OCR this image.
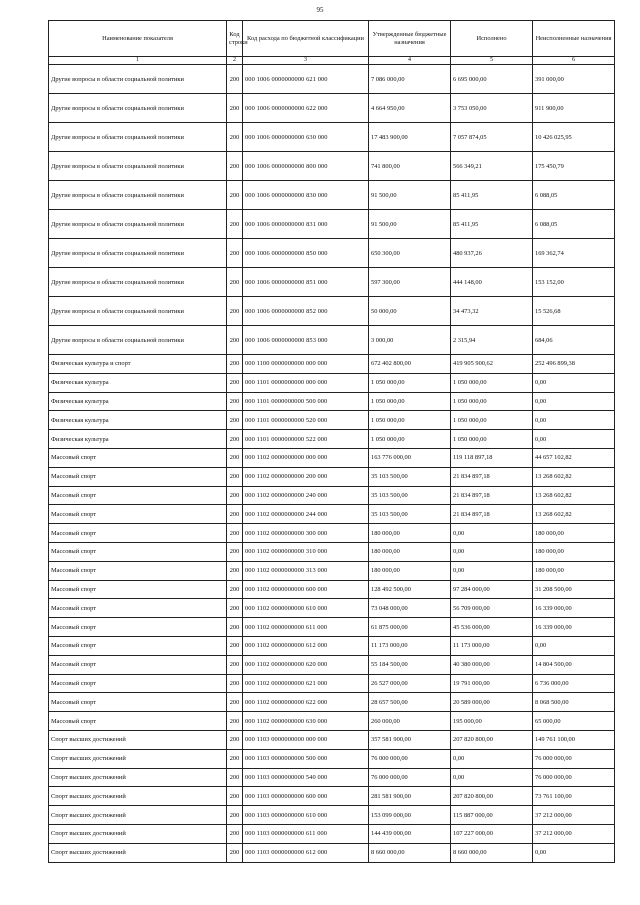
95
Наименование показателя	Код строки	Код расхода по бюджетной классификации	Утвержденные бюджетные назначения	Исполнено	Неисполненные назначения
1	2	3	4	5	6
Другие вопросы в области социальной политики	200	000 1006 0000000000 621 000	7 086 000,00	6 695 000,00	391 000,00
Другие вопросы в области социальной политики	200	000 1006 0000000000 622 000	4 664 950,00	3 753 050,00	911 900,00
Другие вопросы в области социальной политики	200	000 1006 0000000000 630 000	17 483 900,00	7 057 874,05	10 426 025,95
Другие вопросы в области социальной политики	200	000 1006 0000000000 800 000	741 800,00	566 349,21	175 450,79
Другие вопросы в области социальной политики	200	000 1006 0000000000 830 000	91 500,00	85 411,95	6 088,05
Другие вопросы в области социальной политики	200	000 1006 0000000000 831 000	91 500,00	85 411,95	6 088,05
Другие вопросы в области социальной политики	200	000 1006 0000000000 850 000	650 300,00	480 937,26	169 362,74
Другие вопросы в области социальной политики	200	000 1006 0000000000 851 000	597 300,00	444 148,00	153 152,00
Другие вопросы в области социальной политики	200	000 1006 0000000000 852 000	50 000,00	34 473,32	15 526,68
Другие вопросы в области социальной политики	200	000 1006 0000000000 853 000	3 000,00	2 315,94	684,06
Физическая культура и спорт	200	000 1100 0000000000 000 000	672 402 800,00	419 905 900,62	252 496 899,38
Физическая культура	200	000 1101 0000000000 000 000	1 050 000,00	1 050 000,00	0,00
Физическая культура	200	000 1101 0000000000 500 000	1 050 000,00	1 050 000,00	0,00
Физическая культура	200	000 1101 0000000000 520 000	1 050 000,00	1 050 000,00	0,00
Физическая культура	200	000 1101 0000000000 522 000	1 050 000,00	1 050 000,00	0,00
Массовый спорт	200	000 1102 0000000000 000 000	163 776 000,00	119 118 897,18	44 657 102,82
Массовый спорт	200	000 1102 0000000000 200 000	35 103 500,00	21 834 897,18	13 268 602,82
Массовый спорт	200	000 1102 0000000000 240 000	35 103 500,00	21 834 897,18	13 268 602,82
Массовый спорт	200	000 1102 0000000000 244 000	35 103 500,00	21 834 897,18	13 268 602,82
Массовый спорт	200	000 1102 0000000000 300 000	180 000,00	0,00	180 000,00
Массовый спорт	200	000 1102 0000000000 310 000	180 000,00	0,00	180 000,00
Массовый спорт	200	000 1102 0000000000 313 000	180 000,00	0,00	180 000,00
Массовый спорт	200	000 1102 0000000000 600 000	128 492 500,00	97 284 000,00	31 208 500,00
Массовый спорт	200	000 1102 0000000000 610 000	73 048 000,00	56 709 000,00	16 339 000,00
Массовый спорт	200	000 1102 0000000000 611 000	61 875 000,00	45 536 000,00	16 339 000,00
Массовый спорт	200	000 1102 0000000000 612 000	11 173 000,00	11 173 000,00	0,00
Массовый спорт	200	000 1102 0000000000 620 000	55 184 500,00	40 380 000,00	14 804 500,00
Массовый спорт	200	000 1102 0000000000 621 000	26 527 000,00	19 791 000,00	6 736 000,00
Массовый спорт	200	000 1102 0000000000 622 000	28 657 500,00	20 589 000,00	8 068 500,00
Массовый спорт	200	000 1102 0000000000 630 000	260 000,00	195 000,00	65 000,00
Спорт высших достижений	200	000 1103 0000000000 000 000	357 581 900,00	207 820 800,00	149 761 100,00
Спорт высших достижений	200	000 1103 0000000000 500 000	76 000 000,00	0,00	76 000 000,00
Спорт высших достижений	200	000 1103 0000000000 540 000	76 000 000,00	0,00	76 000 000,00
Спорт высших достижений	200	000 1103 0000000000 600 000	281 581 900,00	207 820 800,00	73 761 100,00
Спорт высших достижений	200	000 1103 0000000000 610 000	153 099 000,00	115 887 000,00	37 212 000,00
Спорт высших достижений	200	000 1103 0000000000 611 000	144 439 000,00	107 227 000,00	37 212 000,00
Спорт высших достижений	200	000 1103 0000000000 612 000	8 660 000,00	8 660 000,00	0,00
